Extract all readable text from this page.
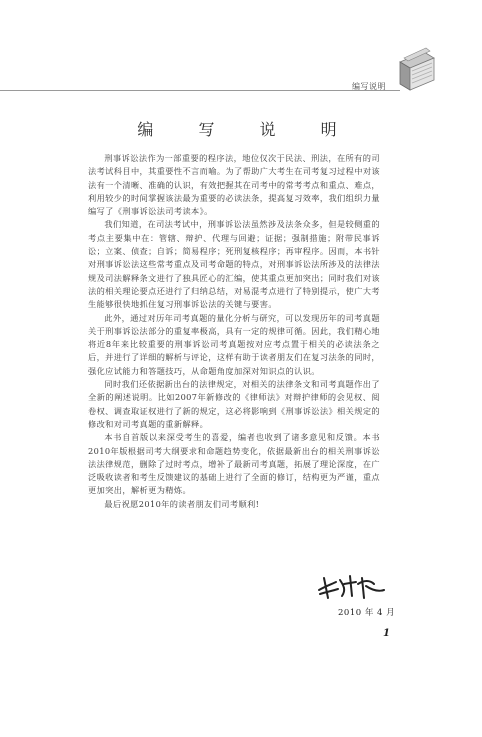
编写说明
编 写 说 明

刑事诉讼法作为一部重要的程序法，地位仅次于民法、刑法，在所有的司法考试科目中，其重要性不言而喻。为了帮助广大考生在司考复习过程中对该法有一个清晰、准确的认识，有效把握其在司考中的常考考点和重点、难点，利用较少的时间掌握该法最为重要的必读法条，提高复习效率，我们组织力量编写了《刑事诉讼法司考读本》。

我们知道，在司法考试中，刑事诉讼法虽然涉及法条众多，但是较侧重的考点主要集中在：管辖、辩护、代理与回避；证据；强制措施；附带民事诉讼；立案、侦查；自诉；简易程序；死刑复核程序；再审程序。因而，本书针对刑事诉讼法这些常考重点及司考命题的特点，对刑事诉讼法所涉及的法律法规及司法解释条文进行了独具匠心的汇编，使其重点更加突出；同时我们对该法的相关理论要点还进行了归纳总结，对易混考点进行了特别提示，使广大考生能够很快地抓住复习刑事诉讼法的关键与要害。

此外，通过对历年司考真题的量化分析与研究，可以发现历年的司考真题关于刑事诉讼法部分的重复率极高，具有一定的规律可循。因此，我们精心地将近8年来比较重要的刑事诉讼司考真题按对应考点置于相关的必读法条之后，并进行了详细的解析与评论，这样有助于读者朋友们在复习法条的同时，强化应试能力和答题技巧，从命题角度加深对知识点的认识。

同时我们还依据新出台的法律规定，对相关的法律条文和司考真题作出了全新的阐述说明。比如2007年新修改的《律师法》对辩护律师的会见权、阅卷权、调查取证权进行了新的规定，这必将影响到《刑事诉讼法》相关规定的修改和对司考真题的重新解释。

本书自首版以来深受考生的喜爱，编者也收到了诸多意见和反馈。本书2010年版根据司考大纲要求和命题趋势变化，依据最新出台的相关刑事诉讼法法律规范，删除了过时考点，增补了最新司考真题，拓展了理论深度，在广泛吸收读者和考生反馈建议的基础上进行了全面的修订，结构更为严谨，重点更加突出，解析更为精炼。

最后祝愿2010年的读者朋友们司考顺利!

2010 年 4 月
1
